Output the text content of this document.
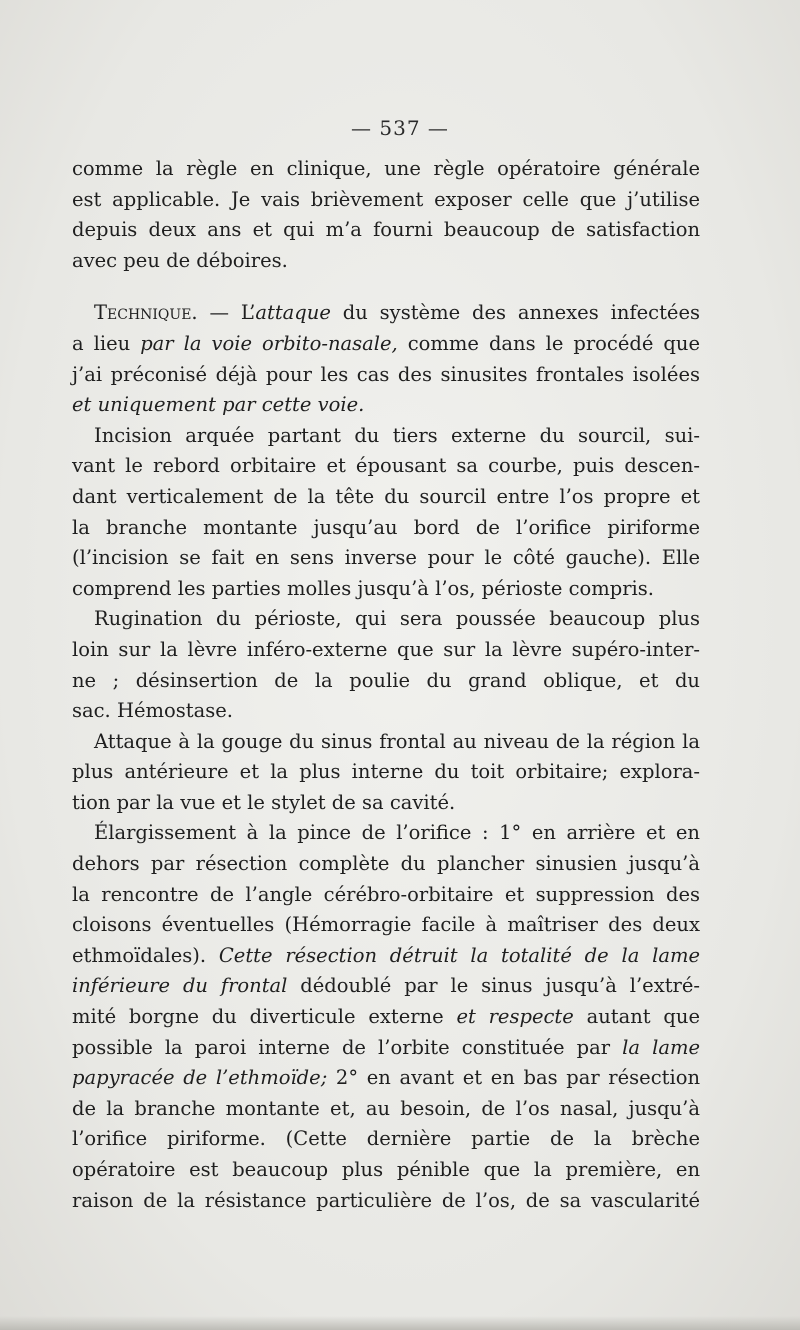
— 537 —
comme la règle en clinique, une règle opératoire générale
est applicable. Je vais brièvement exposer celle que j’utilise
depuis deux ans et qui m’a fourni beaucoup de satisfaction
avec peu de déboires.
Technique. — L’attaque du système des annexes infectées
a lieu par la voie orbito-nasale, comme dans le procédé que
j’ai préconisé déjà pour les cas des sinusites frontales isolées
et uniquement par cette voie.
Incision arquée partant du tiers externe du sourcil, sui-
vant le rebord orbitaire et épousant sa courbe, puis descen-
dant verticalement de la tête du sourcil entre l’os propre et
la branche montante jusqu’au bord de l’orifice piriforme
(l’incision se fait en sens inverse pour le côté gauche). Elle
comprend les parties molles jusqu’à l’os, périoste compris.
Rugination du périoste, qui sera poussée beaucoup plus
loin sur la lèvre inféro-externe que sur la lèvre supéro-inter-
ne ; désinsertion de la poulie du grand oblique, et du
sac. Hémostase.
Attaque à la gouge du sinus frontal au niveau de la région la
plus antérieure et la plus interne du toit orbitaire; explora-
tion par la vue et le stylet de sa cavité.
Élargissement à la pince de l’orifice : 1° en arrière et en
dehors par résection complète du plancher sinusien jusqu’à
la rencontre de l’angle cérébro-orbitaire et suppression des
cloisons éventuelles (Hémorragie facile à maîtriser des deux
ethmoïdales). Cette résection détruit la totalité de la lame
inférieure du frontal dédoublé par le sinus jusqu’à l’extré-
mité borgne du diverticule externe et respecte autant que
possible la paroi interne de l’orbite constituée par la lame
papyracée de l’ethmoïde; 2° en avant et en bas par résection
de la branche montante et, au besoin, de l’os nasal, jusqu’à
l’orifice piriforme. (Cette dernière partie de la brèche
opératoire est beaucoup plus pénible que la première, en
raison de la résistance particulière de l’os, de sa vascularité
